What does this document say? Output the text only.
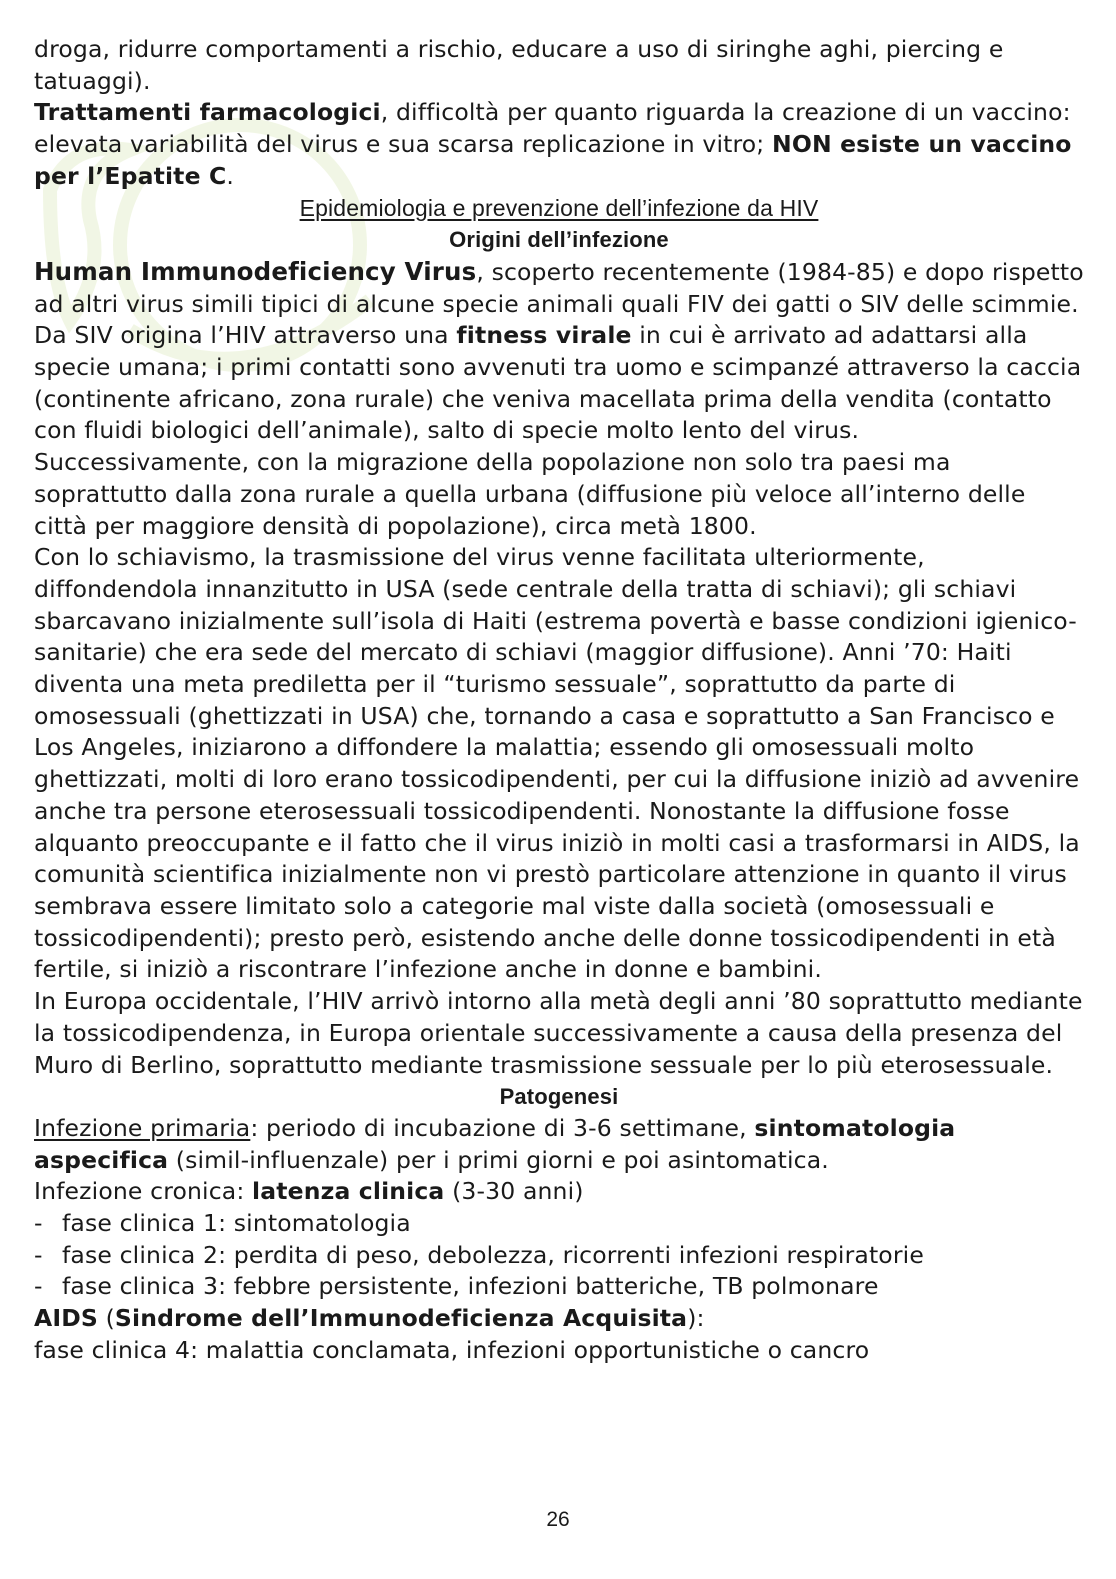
droga, ridurre comportamenti a rischio, educare a uso di siringhe aghi, piercing e tatuaggi).

Trattamenti farmacologici, difficoltà per quanto riguarda la creazione di un vaccino: elevata variabilità del virus e sua scarsa replicazione in vitro; NON esiste un vaccino per l’Epatite C.

Epidemiologia e prevenzione dell’infezione da HIV

Origini dell’infezione

Human Immunodeficiency Virus, scoperto recentemente (1984-85) e dopo rispetto ad altri virus simili tipici di alcune specie animali quali FIV dei gatti o SIV delle scimmie. Da SIV origina l’HIV attraverso una fitness virale in cui è arrivato ad adattarsi alla specie umana; i primi contatti sono avvenuti tra uomo e scimpanzé attraverso la caccia (continente africano, zona rurale) che veniva macellata prima della vendita (contatto con fluidi biologici dell’animale), salto di specie molto lento del virus.

Successivamente, con la migrazione della popolazione non solo tra paesi ma soprattutto dalla zona rurale a quella urbana (diffusione più veloce all’interno delle città per maggiore densità di popolazione), circa metà 1800.

Con lo schiavismo, la trasmissione del virus venne facilitata ulteriormente, diffondendola innanzitutto in USA (sede centrale della tratta di schiavi); gli schiavi sbarcavano inizialmente sull’isola di Haiti (estrema povertà e basse condizioni igienico-sanitarie) che era sede del mercato di schiavi (maggior diffusione). Anni ’70: Haiti diventa una meta prediletta per il “turismo sessuale”, soprattutto da parte di omosessuali (ghettizzati in USA) che, tornando a casa e soprattutto a San Francisco e Los Angeles, iniziarono a diffondere la malattia; essendo gli omosessuali molto ghettizzati, molti di loro erano tossicodipendenti, per cui la diffusione iniziò ad avvenire anche tra persone eterosessuali tossicodipendenti. Nonostante la diffusione fosse alquanto preoccupante e il fatto che il virus iniziò in molti casi a trasformarsi in AIDS, la comunità scientifica inizialmente non vi prestò particolare attenzione in quanto il virus sembrava essere limitato solo a categorie mal viste dalla società (omosessuali e tossicodipendenti); presto però, esistendo anche delle donne tossicodipendenti in età fertile, si iniziò a riscontrare l’infezione anche in donne e bambini.

In Europa occidentale, l’HIV arrivò intorno alla metà degli anni ’80 soprattutto mediante la tossicodipendenza, in Europa orientale successivamente a causa della presenza del Muro di Berlino, soprattutto mediante trasmissione sessuale per lo più eterosessuale.

Patogenesi

Infezione primaria: periodo di incubazione di 3-6 settimane, sintomatologia aspecifica (simil-influenzale) per i primi giorni e poi asintomatica.

Infezione cronica: latenza clinica (3-30 anni)

- fase clinica 1: sintomatologia

- fase clinica 2: perdita di peso, debolezza, ricorrenti infezioni respiratorie

- fase clinica 3: febbre persistente, infezioni batteriche, TB polmonare

AIDS (Sindrome dell’Immunodeficienza Acquisita):

fase clinica 4: malattia conclamata, infezioni opportunistiche o cancro

26
